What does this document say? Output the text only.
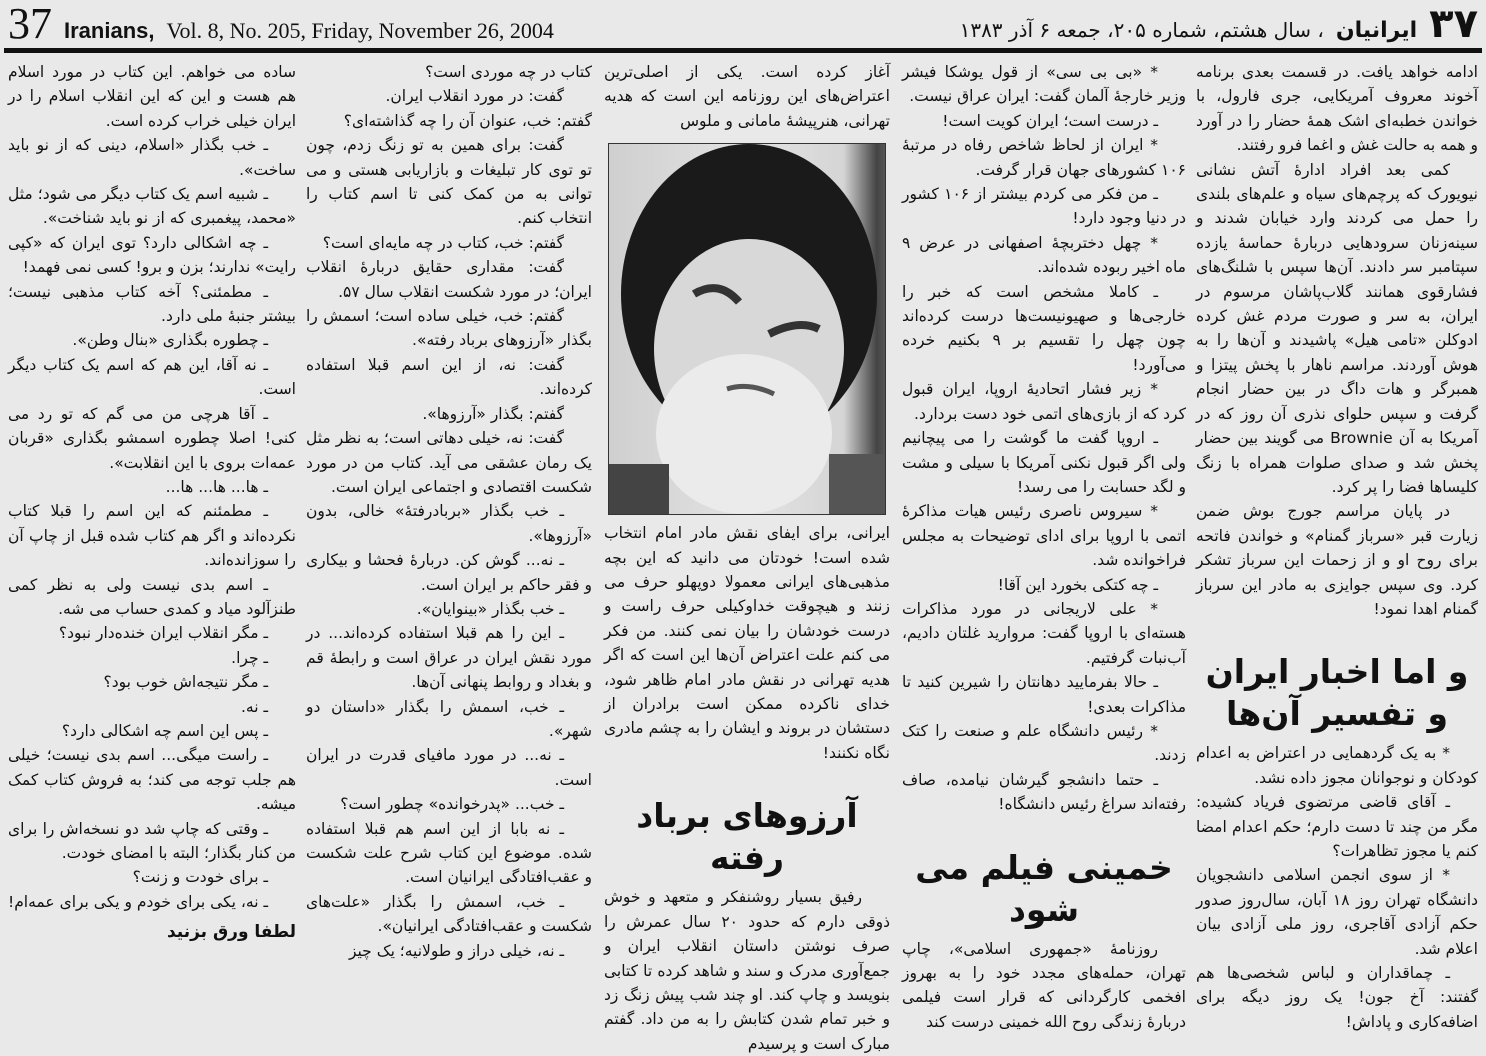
37 Iranians, Vol. 8, No. 205, Friday, November 26, 2004	۳۷
ایرانیان
، سال هشتم، شماره ۲۰۵، جمعه ۶ آذر ۱۳۸۳

ادامه خواهد یافت. در قسمت بعدی برنامه آخوند معروف آمریکایی، جری فارول، با خواندن خطبه‌ای اشک همهٔ حضار را در آورد و همه به حالت غش و اغما فرو رفتند.

کمی بعد افراد ادارهٔ آتش نشانی نیویورک که پرچم‌های سیاه و علم‌های بلندی را حمل می کردند وارد خیابان شدند و سینه‌زنان سرودهایی دربارهٔ حماسهٔ یازده سپتامبر سر دادند. آن‌ها سپس با شلنگ‌های فشارقوی همانند گلاب‌پاشان مرسوم در ایران، به سر و صورت مردم غش کرده ادوکلن «تامی هیل» پاشیدند و آن‌ها را به هوش آوردند. مراسم ناهار با پخش پیتزا و همبرگر و هات داگ در بین حضار انجام گرفت و سپس حلوای نذری آن روز که در آمریکا به آن Brownie می گویند بین حضار پخش شد و صدای صلوات همراه با زنگ کلیساها فضا را پر کرد.

در پایان مراسم جورج بوش ضمن زیارت قبر «سرباز گمنام» و خواندن فاتحه برای روح او و از زحمات این سرباز تشکر کرد. وی سپس جوایزی به مادر این سرباز گمنام اهدا نمود!

و اما اخبار ایران و تفسیر آن‌ها

* به یک گردهمایی در اعتراض به اعدام کودکان و نوجوانان مجوز داده نشد.

ـ آقای قاضی مرتضوی فریاد کشیده: مگر من چند تا دست دارم؛ حکم اعدام امضا کنم یا مجوز تظاهرات؟

* از سوی انجمن اسلامی دانشجویان دانشگاه تهران روز ۱۸ آبان، سال‌روز صدور حکم آزادی آقاجری، روز ملی آزادی بیان اعلام شد.

ـ چماقداران و لباس شخصی‌ها هم گفتند: آخ جون! یک روز دیگه برای اضافه‌کاری و پاداش!

* «بی بی سی» از قول یوشکا فیشر وزیر خارجهٔ آلمان گفت: ایران عراق نیست.

ـ درست است؛ ایران کویت است!

* ایران از لحاظ شاخص رفاه در مرتبهٔ ۱۰۶ کشورهای جهان قرار گرفت.

ـ من فکر می کردم بیشتر از ۱۰۶ کشور در دنیا وجود دارد!

* چهل دختربچهٔ اصفهانی در عرض ۹ ماه اخیر ربوده شده‌اند.

ـ کاملا مشخص است که خبر را خارجی‌ها و صهیونیست‌ها درست کرده‌اند چون چهل را تقسیم بر ۹ بکنیم خرده می‌آورد!

* زیر فشار اتحادیهٔ اروپا، ایران قبول کرد که از بازی‌های اتمی خود دست بردارد.

ـ اروپا گفت ما گوشت را می پیچانیم ولی اگر قبول نکنی آمریکا با سیلی و مشت و لگد حسابت را می رسد!

* سیروس ناصری رئیس هیات مذاکرهٔ اتمی با اروپا برای ادای توضیحات به مجلس فراخوانده شد.

ـ چه کتکی بخورد این آقا!

* علی لاریجانی در مورد مذاکرات هسته‌ای با اروپا گفت: مروارید غلتان دادیم، آب‌نبات گرفتیم.

ـ حالا بفرمایید دهانتان را شیرین کنید تا مذاکرات بعدی!

* رئیس دانشگاه علم و صنعت را کتک زدند.

ـ حتما دانشجو گیرشان نیامده، صاف رفته‌اند سراغ رئیس دانشگاه!

خمینی فیلم می شود

روزنامهٔ «جمهوری اسلامی»، چاپ تهران، حمله‌های مجدد خود را به بهروز افخمی کارگردانی که قرار است فیلمی دربارهٔ زندگی روح الله خمینی درست کند

آغاز کرده است. یکی از اصلی‌ترین اعتراض‌های این روزنامه این است که هدیه تهرانی، هنرپیشهٔ مامانی و ملوس

ایرانی، برای ایفای نقش مادر امام انتخاب شده است! خودتان می دانید که این بچه مذهبی‌های ایرانی معمولا دوپهلو حرف می زنند و هیچوقت خداوکیلی حرف راست و درست خودشان را بیان نمی کنند. من فکر می کنم علت اعتراض آن‌ها این است که اگر هدیه تهرانی در نقش مادر امام ظاهر شود، خدای ناکرده ممکن است برادران از دستشان در بروند و ایشان را به چشم مادری نگاه نکنند!

آرزوهای برباد رفته

رفیق بسیار روشنفکر و متعهد و خوش ذوقی دارم که حدود ۲۰ سال عمرش را صرف نوشتن داستان انقلاب ایران و جمع‌آوری مدرک و سند و شاهد کرده تا کتابی بنویسد و چاپ کند. او چند شب پیش زنگ زد و خبر تمام شدن کتابش را به من داد. گفتم مبارک است و پرسیدم

کتاب در چه موردی است؟

گفت: در مورد انقلاب ایران.

گفتم: خب، عنوان آن را چه گذاشته‌ای؟

گفت: برای همین به تو زنگ زدم، چون تو توی کار تبلیغات و بازاریابی هستی و می توانی به من کمک کنی تا اسم کتاب را انتخاب کنم.

گفتم: خب، کتاب در چه مایه‌ای است؟

گفت: مقداری حقایق دربارهٔ انقلاب ایران؛ در مورد شکست انقلاب سال ۵۷.

گفتم: خب، خیلی ساده است؛ اسمش را بگذار «آرزوهای برباد رفته».

گفت: نه، از این اسم قبلا استفاده کرده‌اند.

گفتم: بگذار «آرزوها».

گفت: نه، خیلی دهاتی است؛ به نظر مثل یک رمان عشقی می آید. کتاب من در مورد شکست اقتصادی و اجتماعی ایران است.

ـ خب بگذار «بربادرفتهٔ» خالی، بدون «آرزوها».

ـ نه... گوش کن. دربارهٔ فحشا و بیکاری و فقر حاکم بر ایران است.

ـ خب بگذار «بینوایان».

ـ این را هم قبلا استفاده کرده‌اند... در مورد نقش ایران در عراق است و رابطهٔ قم و بغداد و روابط پنهانی آن‌ها.

ـ خب، اسمش را بگذار «داستان دو شهر».

ـ نه... در مورد مافیای قدرت در ایران است.

ـ خب... «پدرخوانده» چطور است؟

ـ نه بابا از این اسم هم قبلا استفاده شده. موضوع این کتاب شرح علت شکست و عقب‌افتادگی ایرانیان است.

ـ خب، اسمش را بگذار «علت‌های شکست و عقب‌افتادگی ایرانیان».

ـ نه، خیلی دراز و طولانیه؛ یک چیز

ساده می خواهم. این کتاب در مورد اسلام هم هست و این که این انقلاب اسلام را در ایران خیلی خراب کرده است.

ـ خب بگذار «اسلام، دینی که از نو باید ساخت».

ـ شبیه اسم یک کتاب دیگر می شود؛ مثل «محمد، پیغمبری که از نو باید شناخت».

ـ چه اشکالی دارد؟ توی ایران که «کپی رایت» ندارند؛ بزن و برو! کسی نمی فهمد!

ـ مطمئنی؟ آخه کتاب مذهبی نیست؛ بیشتر جنبهٔ ملی دارد.

ـ چطوره بگذاری «بنال وطن».

ـ نه آقا، این هم که اسم یک کتاب دیگر است.

ـ آقا هرچی من می گم که تو رد می کنی! اصلا چطوره اسمشو بگذاری «قربان عمه‌ات بروی با این انقلابت».

ـ ها... ها... ها...

ـ مطمئنم که این اسم را قبلا کتاب نکرده‌اند و اگر هم کتاب شده قبل از چاپ آن را سوزانده‌اند.

ـ اسم بدی نیست ولی به نظر کمی طنزآلود میاد و کمدی حساب می شه.

ـ مگر انقلاب ایران خنده‌دار نبود؟

ـ چرا.

ـ مگر نتیجه‌اش خوب بود؟

ـ نه.

ـ پس این اسم چه اشکالی دارد؟

ـ راست میگی... اسم بدی نیست؛ خیلی هم جلب توجه می کند؛ به فروش کتاب کمک میشه.

ـ وقتی که چاپ شد دو نسخه‌اش را برای من کنار بگذار؛ البته با امضای خودت.

ـ برای خودت و زنت؟

ـ نه، یکی برای خودم و یکی برای عمه‌ام!

لطفا ورق بزنید
